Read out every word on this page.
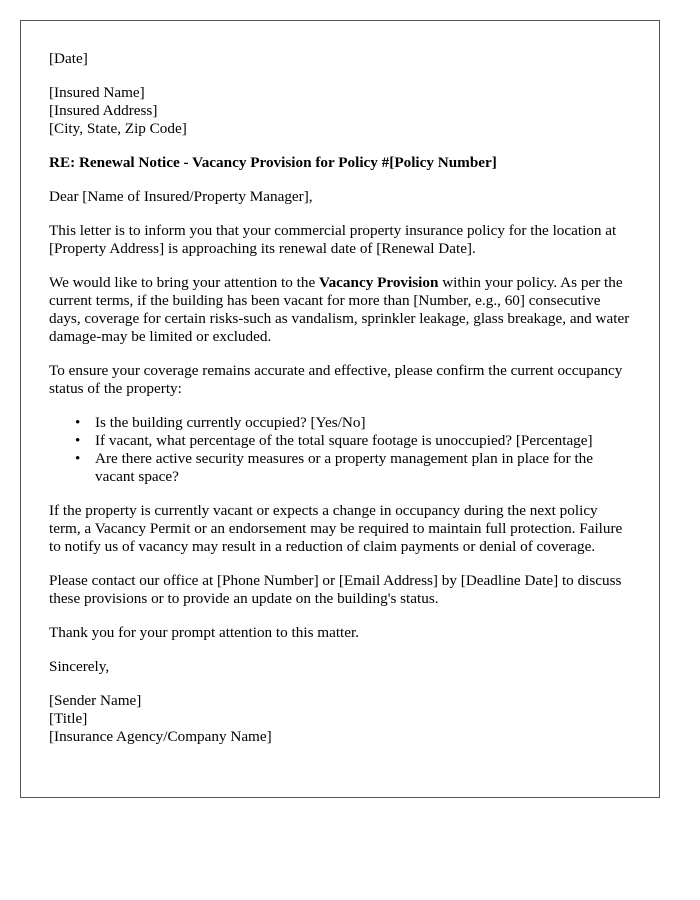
[Date]

[Insured Name]
[Insured Address]
[City, State, Zip Code]

RE: Renewal Notice - Vacancy Provision for Policy #[Policy Number]

Dear [Name of Insured/Property Manager],

This letter is to inform you that your commercial property insurance policy for the location at [Property Address] is approaching its renewal date of [Renewal Date].

We would like to bring your attention to the Vacancy Provision within your policy. As per the current terms, if the building has been vacant for more than [Number, e.g., 60] consecutive days, coverage for certain risks-such as vandalism, sprinkler leakage, glass breakage, and water damage-may be limited or excluded.

To ensure your coverage remains accurate and effective, please confirm the current occupancy status of the property:

• Is the building currently occupied? [Yes/No]
• If vacant, what percentage of the total square footage is unoccupied? [Percentage]
• Are there active security measures or a property management plan in place for the vacant space?

If the property is currently vacant or expects a change in occupancy during the next policy term, a Vacancy Permit or an endorsement may be required to maintain full protection. Failure to notify us of vacancy may result in a reduction of claim payments or denial of coverage.

Please contact our office at [Phone Number] or [Email Address] by [Deadline Date] to discuss these provisions or to provide an update on the building's status.

Thank you for your prompt attention to this matter.

Sincerely,

[Sender Name]
[Title]
[Insurance Agency/Company Name]
